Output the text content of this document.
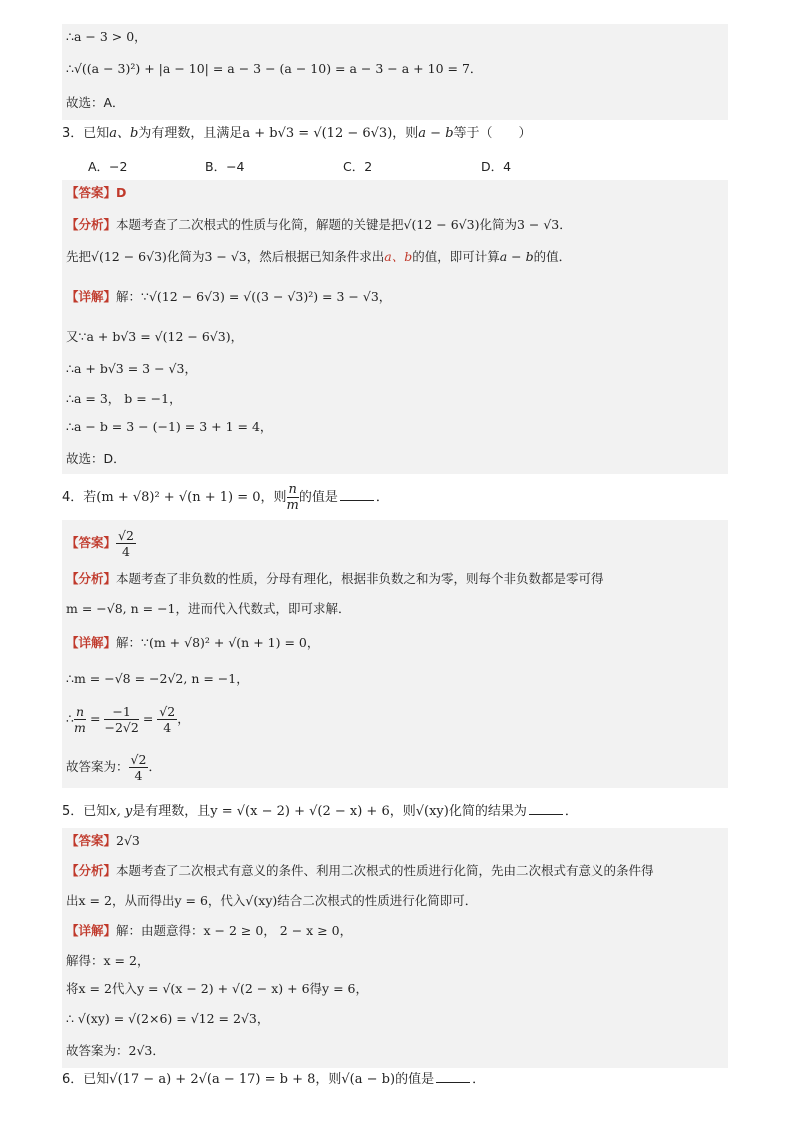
∴a − 3 > 0，
∴√((a − 3)²) + |a − 10| = a − 3 − (a − 10) = a − 3 − a + 10 = 7．
故选：A．
3．已知a、b为有理数，且满足a + b√3 = √(12 − 6√3)，则a − b等于（　　）
A．−2	B．−4	C．2	D．4
【答案】D
【分析】本题考查了二次根式的性质与化简，解题的关键是把√(12 − 6√3)化简为3 − √3．
先把√(12 − 6√3)化简为3 − √3，然后根据已知条件求出a、b的值，即可计算a − b的值．
【详解】解：∵√(12 − 6√3) = √((3 − √3)²) = 3 − √3，
又∵a + b√3 = √(12 − 6√3)，
∴a + b√3 = 3 − √3，
∴a = 3， b = −1，
∴a − b = 3 − (−1) = 3 + 1 = 4，
故选：D．
4．若(m + √8)² + √(n + 1) = 0，则 $\frac{n}{m}$ 的值是	．
【答案】 $\frac{√2}{4}$
【分析】本题考查了非负数的性质，分母有理化，根据非负数之和为零，则每个非负数都是零可得
m = −√8, n = −1，进而代入代数式，即可求解．
【详解】解：∵(m + √8)² + √(n + 1) = 0，
∴m = −√8 = −2√2, n = −1，
∴ $\frac{n}{m} = \frac{-1}{-2√2} = \frac{√2}{4}$ ，
故答案为： $\frac{√2}{4}$ ．
5．已知x, y是有理数，且y = √(x − 2) + √(2 − x) + 6，则√(xy)化简的结果为	．
【答案】2√3
【分析】本题考查了二次根式有意义的条件、利用二次根式的性质进行化简，先由二次根式有意义的条件得
出x = 2，从而得出y = 6，代入√(xy)结合二次根式的性质进行化简即可．
【详解】解：由题意得：x − 2 ≥ 0， 2 − x ≥ 0，
解得：x = 2，
将x = 2代入y = √(x − 2) + √(2 − x) + 6得y = 6，
∴ √(xy) = √(2×6) = √12 = 2√3，
故答案为：2√3．
6．已知√(17 − a) + 2√(a − 17) = b + 8，则√(a − b)的值是	．
